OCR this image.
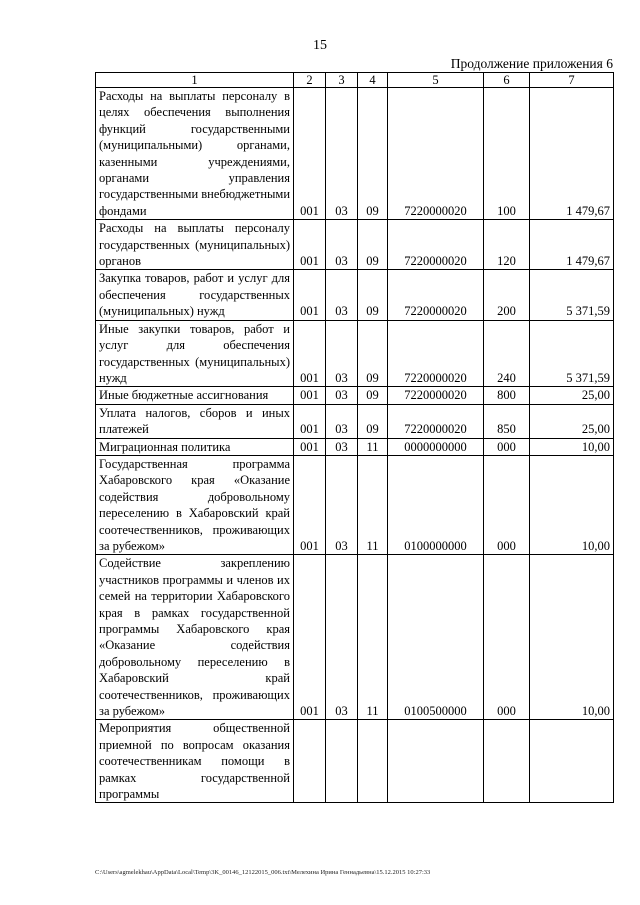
15
Продолжение приложения 6
1	2	3	4	5	6	7
Расходы на выплаты персоналу в целях обеспечения выполнения функций государственными (муниципальными) органами, казенными учреждениями, органами управления государственными внебюджетными фондами	001	03	09	7220000020	100	1 479,67
Расходы на выплаты персоналу государственных (муниципальных) органов	001	03	09	7220000020	120	1 479,67
Закупка товаров, работ и услуг для обеспечения государственных (муниципальных) нужд	001	03	09	7220000020	200	5 371,59
Иные закупки товаров, работ и услуг для обеспечения государственных (муниципальных) нужд	001	03	09	7220000020	240	5 371,59
Иные бюджетные ассигнования	001	03	09	7220000020	800	25,00
Уплата налогов, сборов и иных платежей	001	03	09	7220000020	850	25,00
Миграционная политика	001	03	11	0000000000	000	10,00
Государственная программа Хабаровского края «Оказание содействия добровольному переселению в Хабаровский край соотечественников, проживающих за рубежом»	001	03	11	0100000000	000	10,00
Содействие закреплению участников программы и членов их семей на территории Хабаровского края в рамках государственной программы Хабаровского края «Оказание содействия добровольному переселению в Хабаровский край соотечественников, проживающих за рубежом»	001	03	11	0100500000	000	10,00
Мероприятия общественной приемной по вопросам оказания соотечественникам помощи в рамках государственной программы						
C:\Users\agmelekhau\AppData\Local\Temp\3K_00146_12122015_006.txt\Мелехина Ирина Геннадьевна\15.12.2015 10:27:33
